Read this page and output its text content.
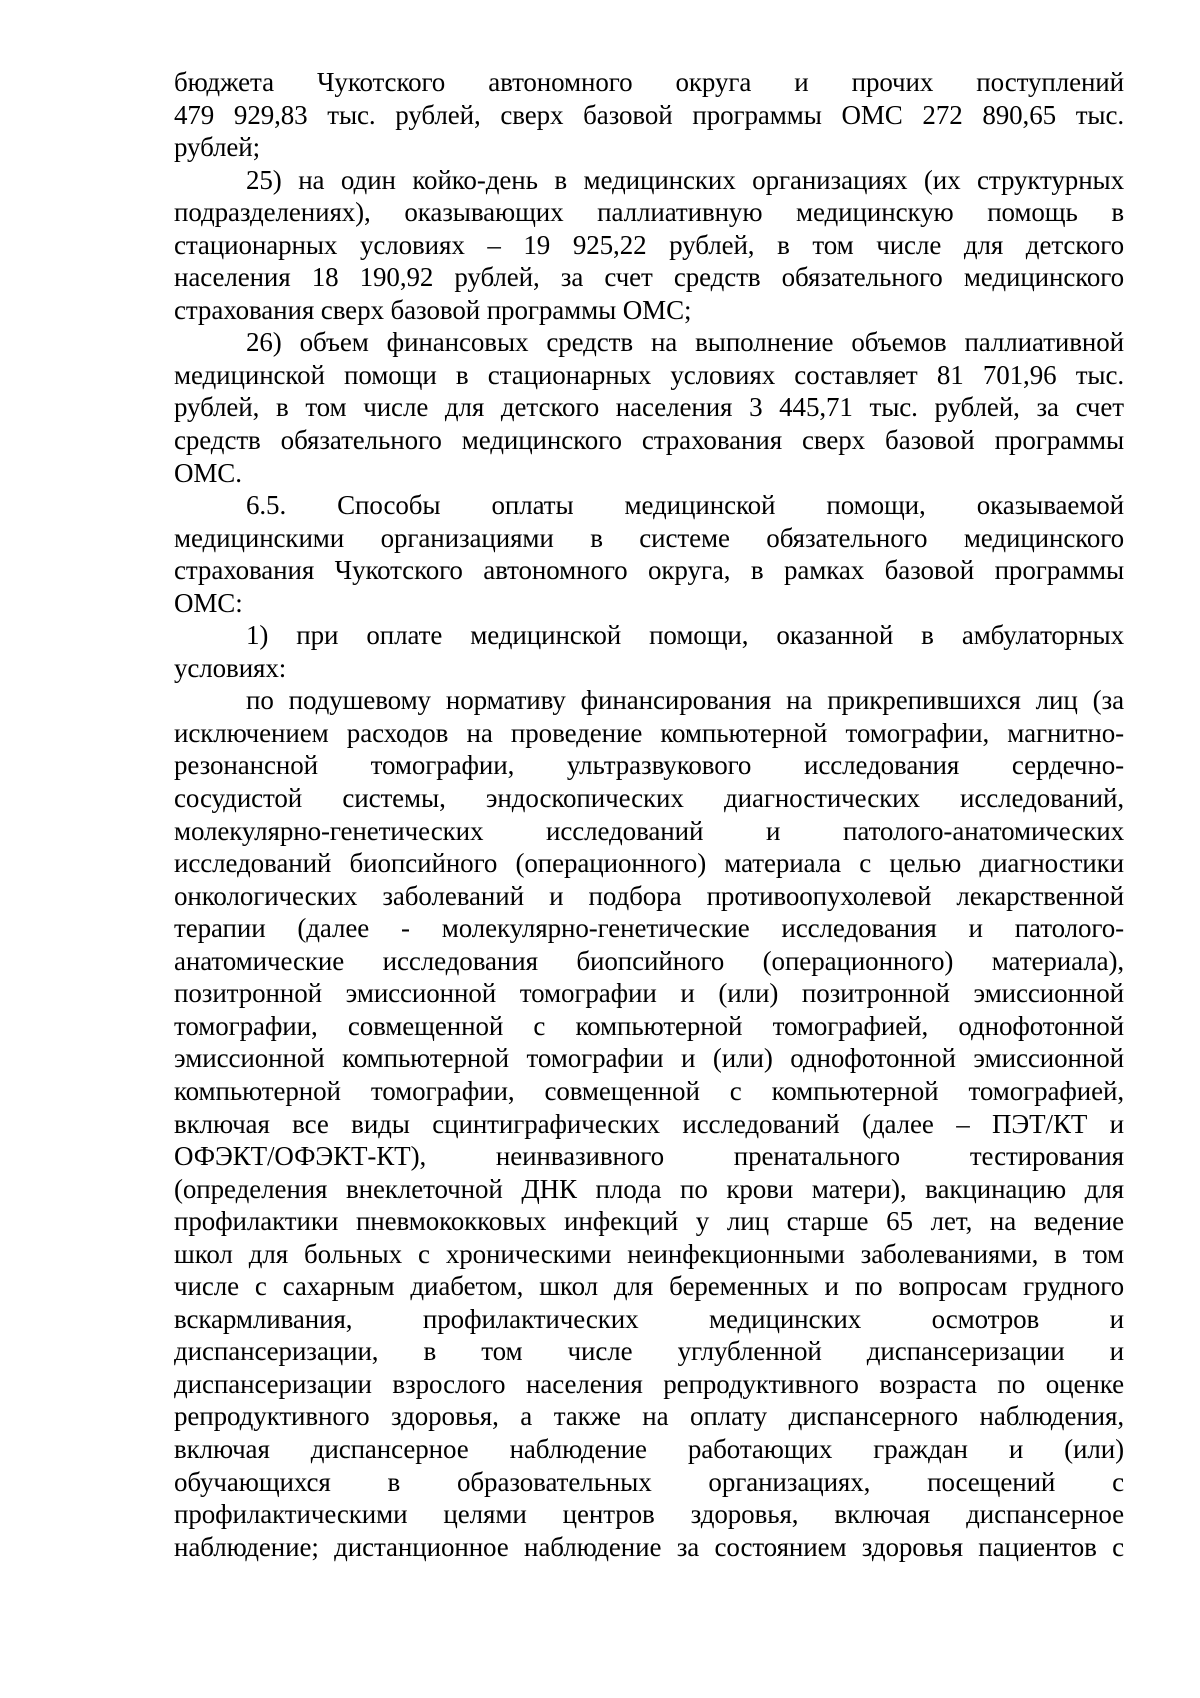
бюджета Чукотского автономного округа и прочих поступлений
479 929,83 тыс. рублей, сверх базовой программы ОМС 272 890,65 тыс.
рублей;
25) на один койко-день в медицинских организациях (их структурных
подразделениях), оказывающих паллиативную медицинскую помощь в
стационарных условиях – 19 925,22 рублей, в том числе для детского
населения 18 190,92 рублей, за счет средств обязательного медицинского
страхования сверх базовой программы ОМС;
26) объем финансовых средств на выполнение объемов паллиативной
медицинской помощи в стационарных условиях составляет 81 701,96 тыс.
рублей, в том числе для детского населения 3 445,71 тыс. рублей, за счет
средств обязательного медицинского страхования сверх базовой программы
ОМС.
6.5. Способы оплаты медицинской помощи, оказываемой
медицинскими организациями в системе обязательного медицинского
страхования Чукотского автономного округа, в рамках базовой программы
ОМС:
1) при оплате медицинской помощи, оказанной в амбулаторных
условиях:
по подушевому нормативу финансирования на прикрепившихся лиц (за
исключением расходов на проведение компьютерной томографии, магнитно-
резонансной томографии, ультразвукового исследования сердечно-
сосудистой системы, эндоскопических диагностических исследований,
молекулярно-генетических исследований и патолого-анатомических
исследований биопсийного (операционного) материала с целью диагностики
онкологических заболеваний и подбора противоопухолевой лекарственной
терапии (далее - молекулярно-генетические исследования и патолого-
анатомические исследования биопсийного (операционного) материала),
позитронной эмиссионной томографии и (или) позитронной эмиссионной
томографии, совмещенной с компьютерной томографией, однофотонной
эмиссионной компьютерной томографии и (или) однофотонной эмиссионной
компьютерной томографии, совмещенной с компьютерной томографией,
включая все виды сцинтиграфических исследований (далее – ПЭТ/КТ и
ОФЭКТ/ОФЭКТ-КТ), неинвазивного пренатального тестирования
(определения внеклеточной ДНК плода по крови матери), вакцинацию для
профилактики пневмококковых инфекций у лиц старше 65 лет, на ведение
школ для больных с хроническими неинфекционными заболеваниями, в том
числе с сахарным диабетом, школ для беременных и по вопросам грудного
вскармливания, профилактических медицинских осмотров и
диспансеризации, в том числе углубленной диспансеризации и
диспансеризации взрослого населения репродуктивного возраста по оценке
репродуктивного здоровья, а также на оплату диспансерного наблюдения,
включая диспансерное наблюдение работающих граждан и (или)
обучающихся в образовательных организациях, посещений с
профилактическими целями центров здоровья, включая диспансерное
наблюдение; дистанционное наблюдение за состоянием здоровья пациентов с
